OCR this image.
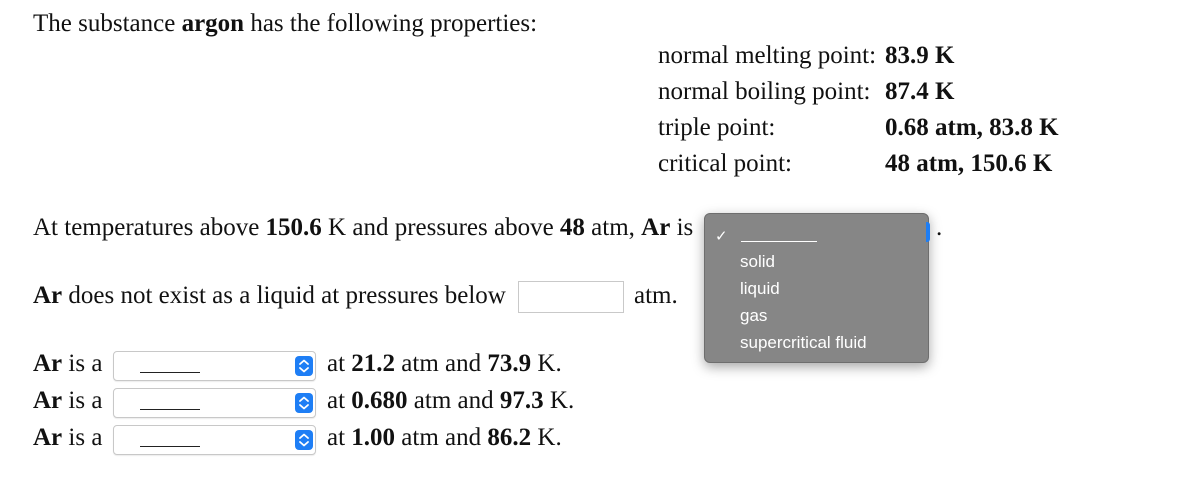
The substance argon has the following properties:
normal melting point: 83.9 K
normal boiling point: 87.4 K
triple point:	0.68 atm, 83.8 K
critical point:	48 atm, 150.6 K
At temperatures above 150.6 K and pressures above 48 atm, Ar is	.
✓
solid
liquid
gas
supercritical fluid
Ar does not exist as a liquid at pressures below	atm.
Ar is a	at 21.2 atm and 73.9 K.
Ar is a	at 0.680 atm and 97.3 K.
Ar is a	at 1.00 atm and 86.2 K.
